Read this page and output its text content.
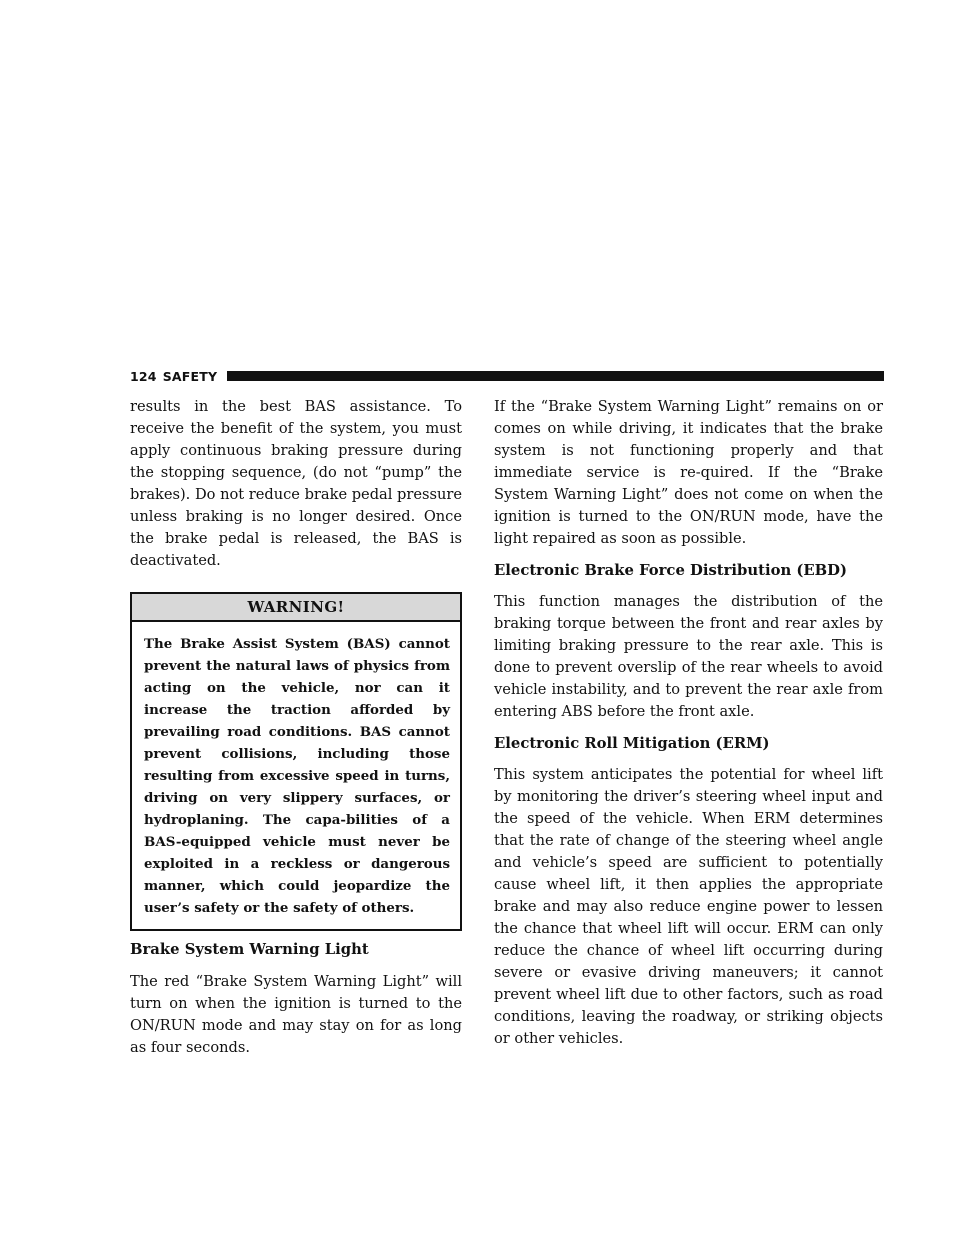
124 SAFETY

results in the best BAS assistance. To receive the benefit of the system, you must apply continuous braking pressure during the stopping sequence, (do not “pump” the brakes). Do not reduce brake pedal pressure unless braking is no longer desired. Once the brake pedal is released, the BAS is deactivated.

WARNING!
The Brake Assist System (BAS) cannot prevent the natural laws of physics from acting on the vehicle, nor can it increase the traction afforded by prevailing road conditions. BAS cannot prevent collisions, including those resulting from excessive speed in turns, driving on very slippery surfaces, or hydroplaning. The capa-bilities of a BAS-equipped vehicle must never be exploited in a reckless or dangerous manner, which could jeopardize the user’s safety or the safety of others.
Brake System Warning Light

The red “Brake System Warning Light” will turn on when the ignition is turned to the ON/RUN mode and may stay on for as long as four seconds.

If the “Brake System Warning Light” remains on or comes on while driving, it indicates that the brake system is not functioning properly and that immediate service is re-quired. If the “Brake System Warning Light” does not come on when the ignition is turned to the ON/RUN mode, have the light repaired as soon as possible.

Electronic Brake Force Distribution (EBD)

This function manages the distribution of the braking torque between the front and rear axles by limiting braking pressure to the rear axle. This is done to prevent overslip of the rear wheels to avoid vehicle instability, and to prevent the rear axle from entering ABS before the front axle.

Electronic Roll Mitigation (ERM)

This system anticipates the potential for wheel lift by monitoring the driver’s steering wheel input and the speed of the vehicle. When ERM determines that the rate of change of the steering wheel angle and vehicle’s speed are sufficient to potentially cause wheel lift, it then applies the appropriate brake and may also reduce engine power to lessen the chance that wheel lift will occur. ERM can only reduce the chance of wheel lift occurring during severe or evasive driving maneuvers; it cannot prevent wheel lift due to other factors, such as road conditions, leaving the roadway, or striking objects or other vehicles.
